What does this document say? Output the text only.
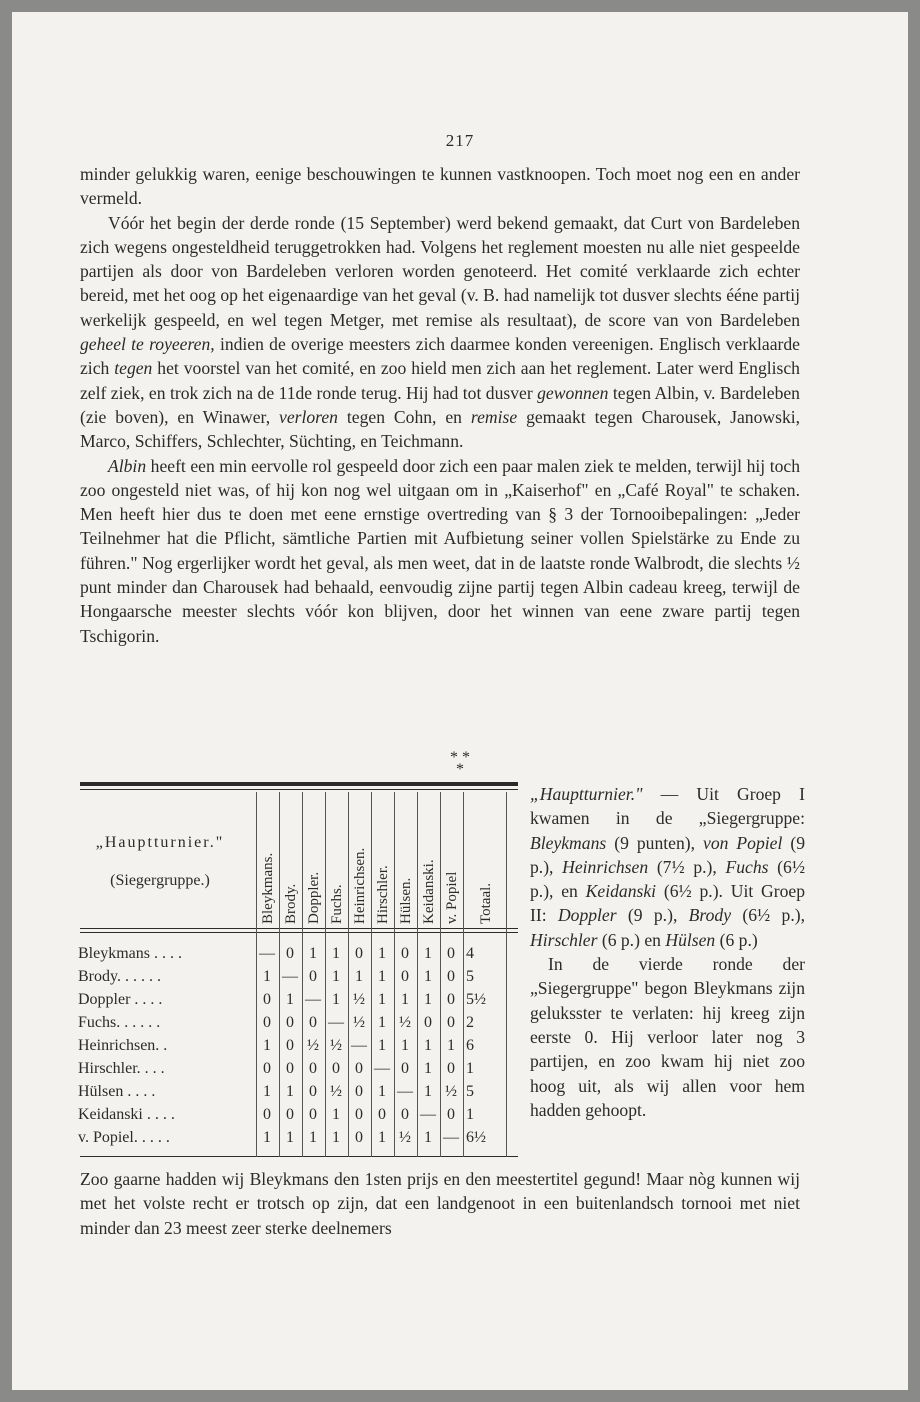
217

minder gelukkig waren, eenige beschouwingen te kunnen vastknoopen. Toch moet nog een en ander vermeld.

Vóór het begin der derde ronde (15 September) werd bekend gemaakt, dat Curt von Bardeleben zich wegens ongesteldheid teruggetrokken had. Volgens het reglement moesten nu alle niet gespeelde partijen als door von Bardeleben verloren worden genoteerd. Het comité verklaarde zich echter bereid, met het oog op het eigenaardige van het geval (v. B. had namelijk tot dusver slechts ééne partij werkelijk gespeeld, en wel tegen Metger, met remise als resultaat), de score van von Bardeleben geheel te royeeren, indien de overige meesters zich daarmee konden vereenigen. Englisch verklaarde zich tegen het voorstel van het comité, en zoo hield men zich aan het reglement. Later werd Englisch zelf ziek, en trok zich na de 11de ronde terug. Hij had tot dusver gewonnen tegen Albin, v. Bardeleben (zie boven), en Winawer, verloren tegen Cohn, en remise gemaakt tegen Charousek, Janowski, Marco, Schiffers, Schlechter, Süchting, en Teichmann.

Albin heeft een min eervolle rol gespeeld door zich een paar malen ziek te melden, terwijl hij toch zoo ongesteld niet was, of hij kon nog wel uitgaan om in „Kaiserhof" en „Café Royal" te schaken. Men heeft hier dus te doen met eene ernstige overtreding van § 3 der Tornooibepalingen: „Jeder Teilnehmer hat die Pflicht, sämtliche Partien mit Aufbietung seiner vollen Spielstärke zu Ende zu führen." Nog ergerlijker wordt het geval, als men weet, dat in de laatste ronde Walbrodt, die slechts ½ punt minder dan Charousek had behaald, eenvoudig zijne partij tegen Albin cadeau kreeg, terwijl de Hongaarsche meester slechts vóór kon blijven, door het winnen van eene zware partij tegen Tschigorin.

* *
*
„Hauptturnier."
(Siegergruppe.)	Bleykmans. Brody. Doppler. Fuchs. Heinrichsen. Hirschler. Hülsen. Keidanski. v. Popiel Totaal.
Bleykmans . . . .	— 0 1 1 0 1 0 1 0 4
Brody. . . . . .	1 — 0 1 1 1 0 1 0 5
Doppler . . . .	0 1 — 1 ½ 1 1 1 0 5½
Fuchs. . . . . .	0 0 0 — ½ 1 ½ 0 0 2
Heinrichsen. .	1 0 ½ ½ — 1 1 1 1 6
Hirschler. . . .	0 0 0 0 0 — 0 1 0 1
Hülsen . . . .	1 1 0 ½ 0 1 — 1 ½ 5
Keidanski . . . .	0 0 0 1 0 0 0 — 0 1
v. Popiel. . . . .	1 1 1 1 0 1 ½ 1 — 6½

„Hauptturnier." — Uit Groep I kwamen in de „Siegergruppe: Bleykmans (9 punten), von Popiel (9 p.), Heinrichsen (7½ p.), Fuchs (6½ p.), en Keidanski (6½ p.). Uit Groep II: Doppler (9 p.), Brody (6½ p.), Hirschler (6 p.) en Hülsen (6 p.)

In de vierde ronde der „Siegergruppe" begon Bleykmans zijn geluksster te verlaten: hij kreeg zijn eerste 0. Hij verloor later nog 3 partijen, en zoo kwam hij niet zoo hoog uit, als wij allen voor hem hadden gehoopt.

Zoo gaarne hadden wij Bleykmans den 1sten prijs en den meestertitel gegund! Maar nòg kunnen wij met het volste recht er trotsch op zijn, dat een landgenoot in een buitenlandsch tornooi met niet minder dan 23 meest zeer sterke deelnemers
